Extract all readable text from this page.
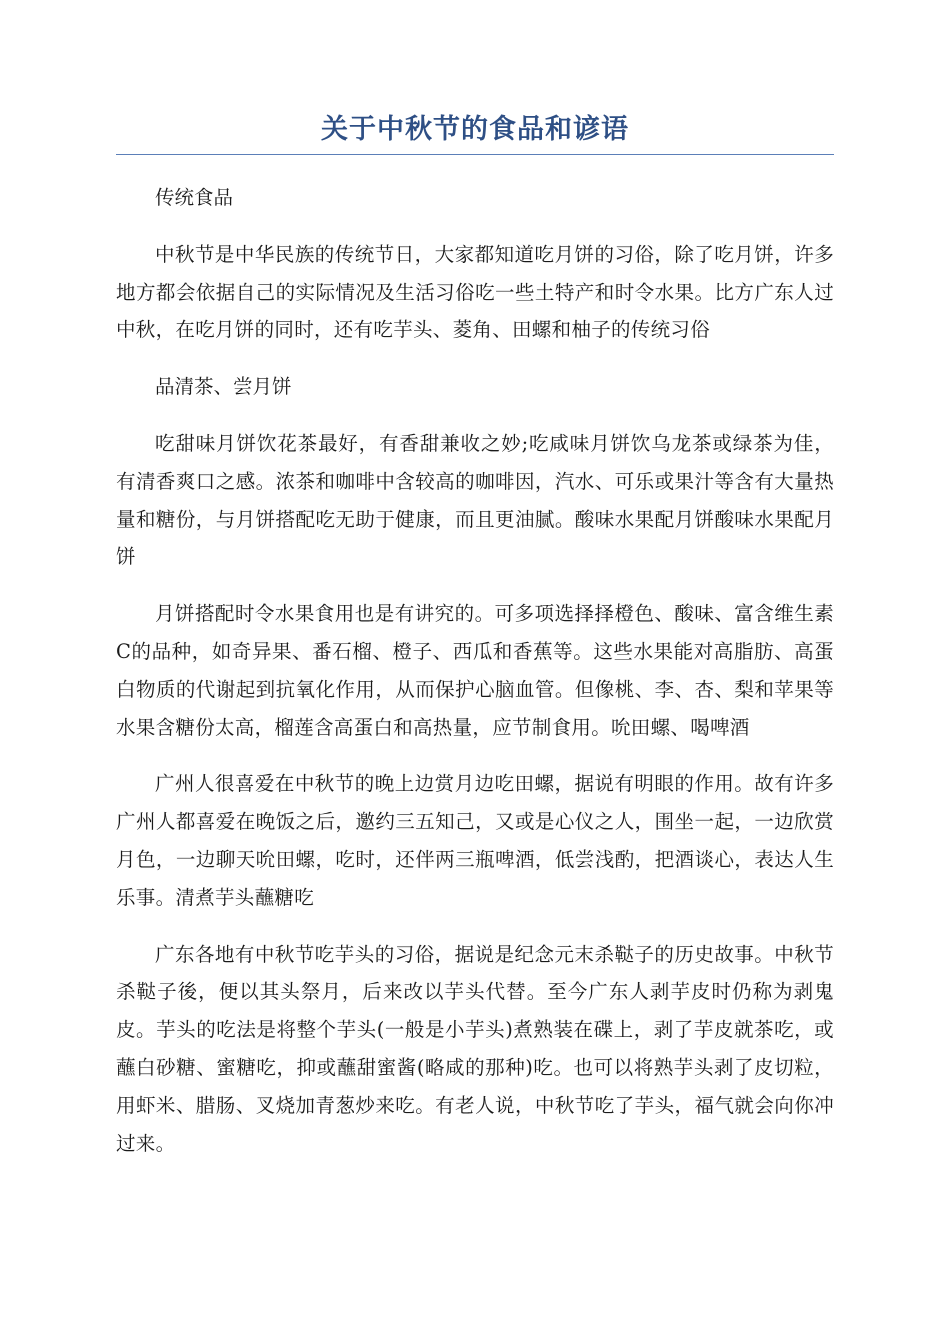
关于中秋节的食品和谚语

传统食品

中秋节是中华民族的传统节日，大家都知道吃月饼的习俗，除了吃月饼，许多地方都会依据自己的实际情况及生活习俗吃一些土特产和时令水果。比方广东人过中秋，在吃月饼的同时，还有吃芋头、菱角、田螺和柚子的传统习俗

品清茶、尝月饼

吃甜味月饼饮花茶最好，有香甜兼收之妙;吃咸味月饼饮乌龙茶或绿茶为佳，有清香爽口之感。浓茶和咖啡中含较高的咖啡因，汽水、可乐或果汁等含有大量热量和糖份，与月饼搭配吃无助于健康，而且更油腻。酸味水果配月饼酸味水果配月饼

月饼搭配时令水果食用也是有讲究的。可多项选择择橙色、酸味、富含维生素C的品种，如奇异果、番石榴、橙子、西瓜和香蕉等。这些水果能对高脂肪、高蛋白物质的代谢起到抗氧化作用，从而保护心脑血管。但像桃、李、杏、梨和苹果等水果含糖份太高，榴莲含高蛋白和高热量，应节制食用。吮田螺、喝啤酒

广州人很喜爱在中秋节的晚上边赏月边吃田螺，据说有明眼的作用。故有许多广州人都喜爱在晚饭之后，邀约三五知己，又或是心仪之人，围坐一起，一边欣赏月色，一边聊天吮田螺，吃时，还伴两三瓶啤酒，低尝浅酌，把酒谈心，表达人生乐事。清煮芋头蘸糖吃

广东各地有中秋节吃芋头的习俗，据说是纪念元末杀鞑子的历史故事。中秋节杀鞑子後，便以其头祭月，后来改以芋头代替。至今广东人剥芋皮时仍称为剥鬼皮。芋头的吃法是将整个芋头(一般是小芋头)煮熟装在碟上，剥了芋皮就茶吃，或蘸白砂糖、蜜糖吃，抑或蘸甜蜜酱(略咸的那种)吃。也可以将熟芋头剥了皮切粒，用虾米、腊肠、叉烧加青葱炒来吃。有老人说，中秋节吃了芋头，福气就会向你冲过来。
